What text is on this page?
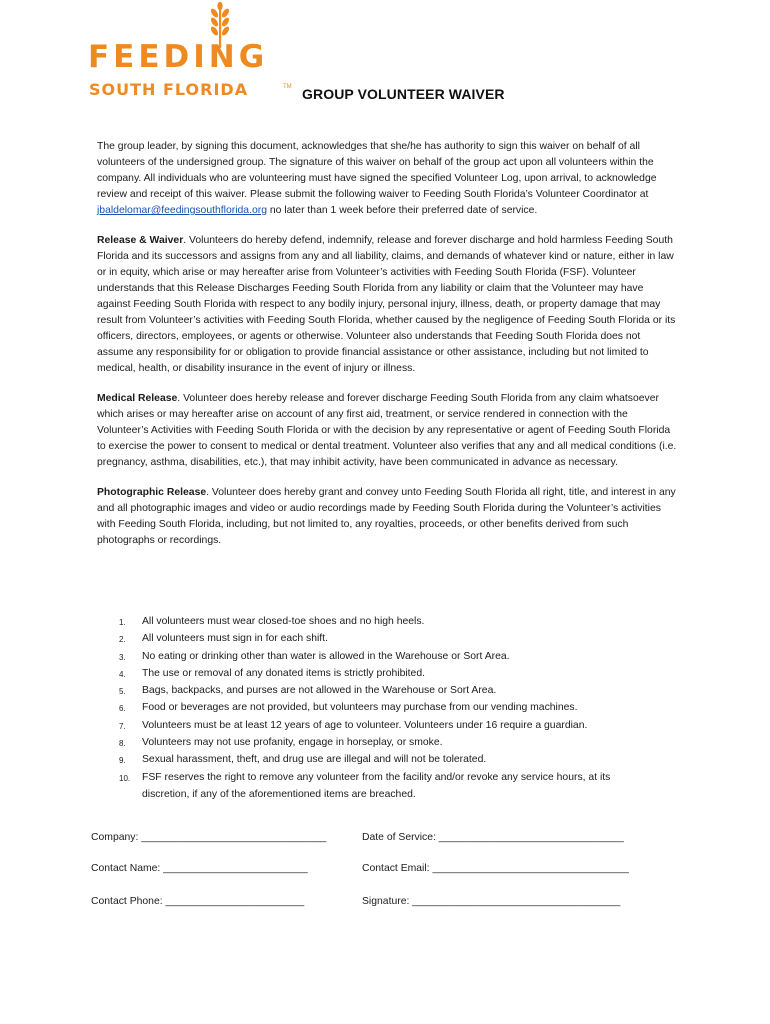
FEEDING
SOUTH FLORIDA	TM GROUP VOLUNTEER WAIVER

The group leader, by signing this document, acknowledges that she/he has authority to sign this waiver on behalf of all volunteers of the undersigned group. The signature of this waiver on behalf of the group act upon all volunteers within the company. All individuals who are volunteering must have signed the specified Volunteer Log, upon arrival, to acknowledge review and receipt of this waiver. Please submit the following waiver to Feeding South Florida’s Volunteer Coordinator at jbaldelomar@feedingsouthflorida.org no later than 1 week before their preferred date of service.

Release & Waiver. Volunteers do hereby defend, indemnify, release and forever discharge and hold harmless Feeding South Florida and its successors and assigns from any and all liability, claims, and demands of whatever kind or nature, either in law or in equity, which arise or may hereafter arise from Volunteer’s activities with Feeding South Florida (FSF). Volunteer understands that this Release Discharges Feeding South Florida from any liability or claim that the Volunteer may have against Feeding South Florida with respect to any bodily injury, personal injury, illness, death, or property damage that may result from Volunteer’s activities with Feeding South Florida, whether caused by the negligence of Feeding South Florida or its officers, directors, employees, or agents or otherwise. Volunteer also understands that Feeding South Florida does not assume any responsibility for or obligation to provide financial assistance or other assistance, including but not limited to medical, health, or disability insurance in the event of injury or illness.

Medical Release. Volunteer does hereby release and forever discharge Feeding South Florida from any claim whatsoever which arises or may hereafter arise on account of any first aid, treatment, or service rendered in connection with the Volunteer’s Activities with Feeding South Florida or with the decision by any representative or agent of Feeding South Florida to exercise the power to consent to medical or dental treatment. Volunteer also verifies that any and all medical conditions (i.e. pregnancy, asthma, disabilities, etc.), that may inhibit activity, have been communicated in advance as necessary.

Photographic Release. Volunteer does hereby grant and convey unto Feeding South Florida all right, title, and interest in any and all photographic images and video or audio recordings made by Feeding South Florida during the Volunteer’s activities with Feeding South Florida, including, but not limited to, any royalties, proceeds, or other benefits derived from such photographs or recordings.

1. All volunteers must wear closed-toe shoes and no high heels.
2. All volunteers must sign in for each shift.
3. No eating or drinking other than water is allowed in the Warehouse or Sort Area.
4. The use or removal of any donated items is strictly prohibited.
5. Bags, backpacks, and purses are not allowed in the Warehouse or Sort Area.
6. Food or beverages are not provided, but volunteers may purchase from our vending machines.
7. Volunteers must be at least 12 years of age to volunteer. Volunteers under 16 require a guardian.
8. Volunteers may not use profanity, engage in horseplay, or smoke.
9. Sexual harassment, theft, and drug use are illegal and will not be tolerated.
10. FSF reserves the right to remove any volunteer from the facility and/or revoke any service hours, at its discretion, if any of the aforementioned items are breached.
Company: ________________________________	Date of Service: ________________________________
Contact Name: _________________________	Contact Email: __________________________________
Contact Phone: ________________________	Signature: ____________________________________
